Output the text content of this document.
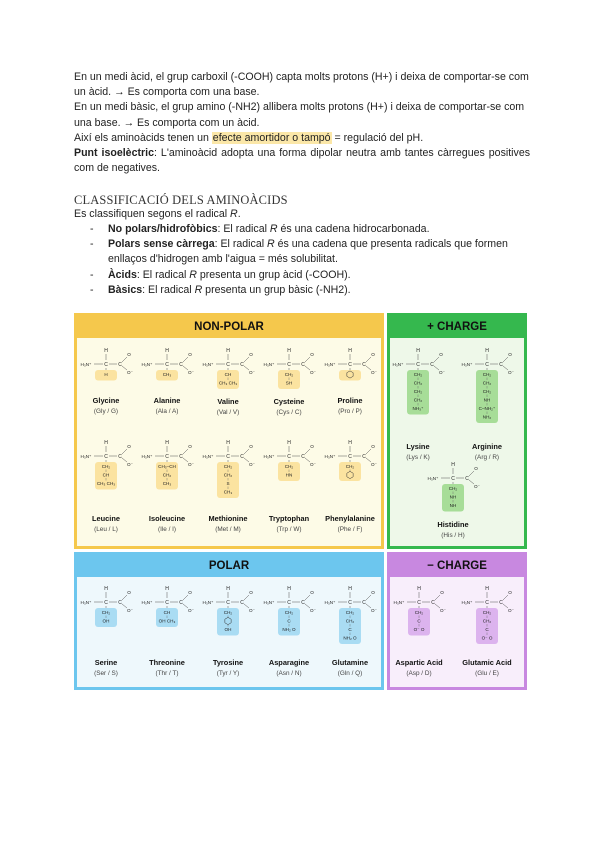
En un medi àcid, el grup carboxil (-COOH) capta molts protons (H+) i deixa de comportar-se com un àcid. → Es comporta com una base.

En un medi bàsic, el grup amino (-NH2) allibera molts protons (H+) i deixa de comportar-se com una base. → Es comporta com un àcid.

Així els aminoàcids tenen un efecte amortidor o tampó = regulació del pH.

Punt isoelèctric: L'aminoàcid adopta una forma dipolar neutra amb tantes càrregues positives com de negatives.

CLASSIFICACIÓ DELS AMINOÀCIDS
Es classifiquen segons el radical R.
- No polars/hidrofòbics: El radical R és una cadena hidrocarbonada.
- Polars sense càrrega: El radical R és una cadena que presenta radicals que formen enllaços d'hidrogen amb l'aigua = més solubilitat.
- Àcids: El radical R presenta un grup àcid (-COOH).
- Bàsics: El radical R presenta un grup bàsic (-NH2).
NON-POLAR	+ CHARGE
POLAR	− CHARGE
H
H₃N⁺	C C
O
O⁻
H
Glycine
(Gly / G)
H
H₃N⁺	C C
O
O⁻
CH₃
Alanine
(Ala / A)
H
H₃N⁺	C C
O
O⁻
CH
CH₃ CH₃
Valine
(Val / V)
H
H₃N⁺	C C
O
O⁻
CH₂
SH
Cysteine
(Cys / C)
H
H₃N⁺	C C
O
O⁻
Proline
(Pro / P)
H
H₃N⁺	C C
O
O⁻
CH₂
CH
CH₃ CH₃
Leucine
(Leu / L)
H
H₃N⁺	C C
O
O⁻
CH₃–CH
CH₂
CH₃
Isoleucine
(Ile / I)
H
H₃N⁺	C C
O
O⁻
CH₂
CH₂
S
CH₃
Methionine
(Met / M)
H
H₃N⁺	C C
O
O⁻
CH₂
HN
Tryptophan
(Trp / W)
H
H₃N⁺	C C
O
O⁻
CH₂
Phenylalanine
(Phe / F)
H
H₃N⁺	C C
O
O⁻
CH₂
CH₂
CH₂
CH₂
NH₃⁺
Lysine
(Lys / K)
H
H₃N⁺	C C
O
O⁻
CH₂
CH₂
CH₂
NH
C–NH₂⁺
NH₂
Arginine
(Arg / R)
H
H₃N⁺	C C
O
O⁻
CH₂
NH
NH
Histidine
(His / H)
H
H₃N⁺	C C
O
O⁻
CH₂
OH
Serine
(Ser / S)
H
H₃N⁺	C C
O
O⁻
CH
OH CH₃
Threonine
(Thr / T)
H
H₃N⁺	C C
O
O⁻
CH₂
OH
Tyrosine
(Tyr / Y)
H
H₃N⁺	C C
O
O⁻
CH₂
C
NH₂ O
Asparagine
(Asn / N)
H
H₃N⁺	C C
O
O⁻
CH₂
CH₂
C
NH₂ O
Glutamine
(Gln / Q)
H
H₃N⁺	C C
O
O⁻
CH₂
C
O⁻ O
Aspartic Acid
(Asp / D)
H
H₃N⁺	C C
O
O⁻
CH₂
CH₂
C
O⁻ O
Glutamic Acid
(Glu / E)
